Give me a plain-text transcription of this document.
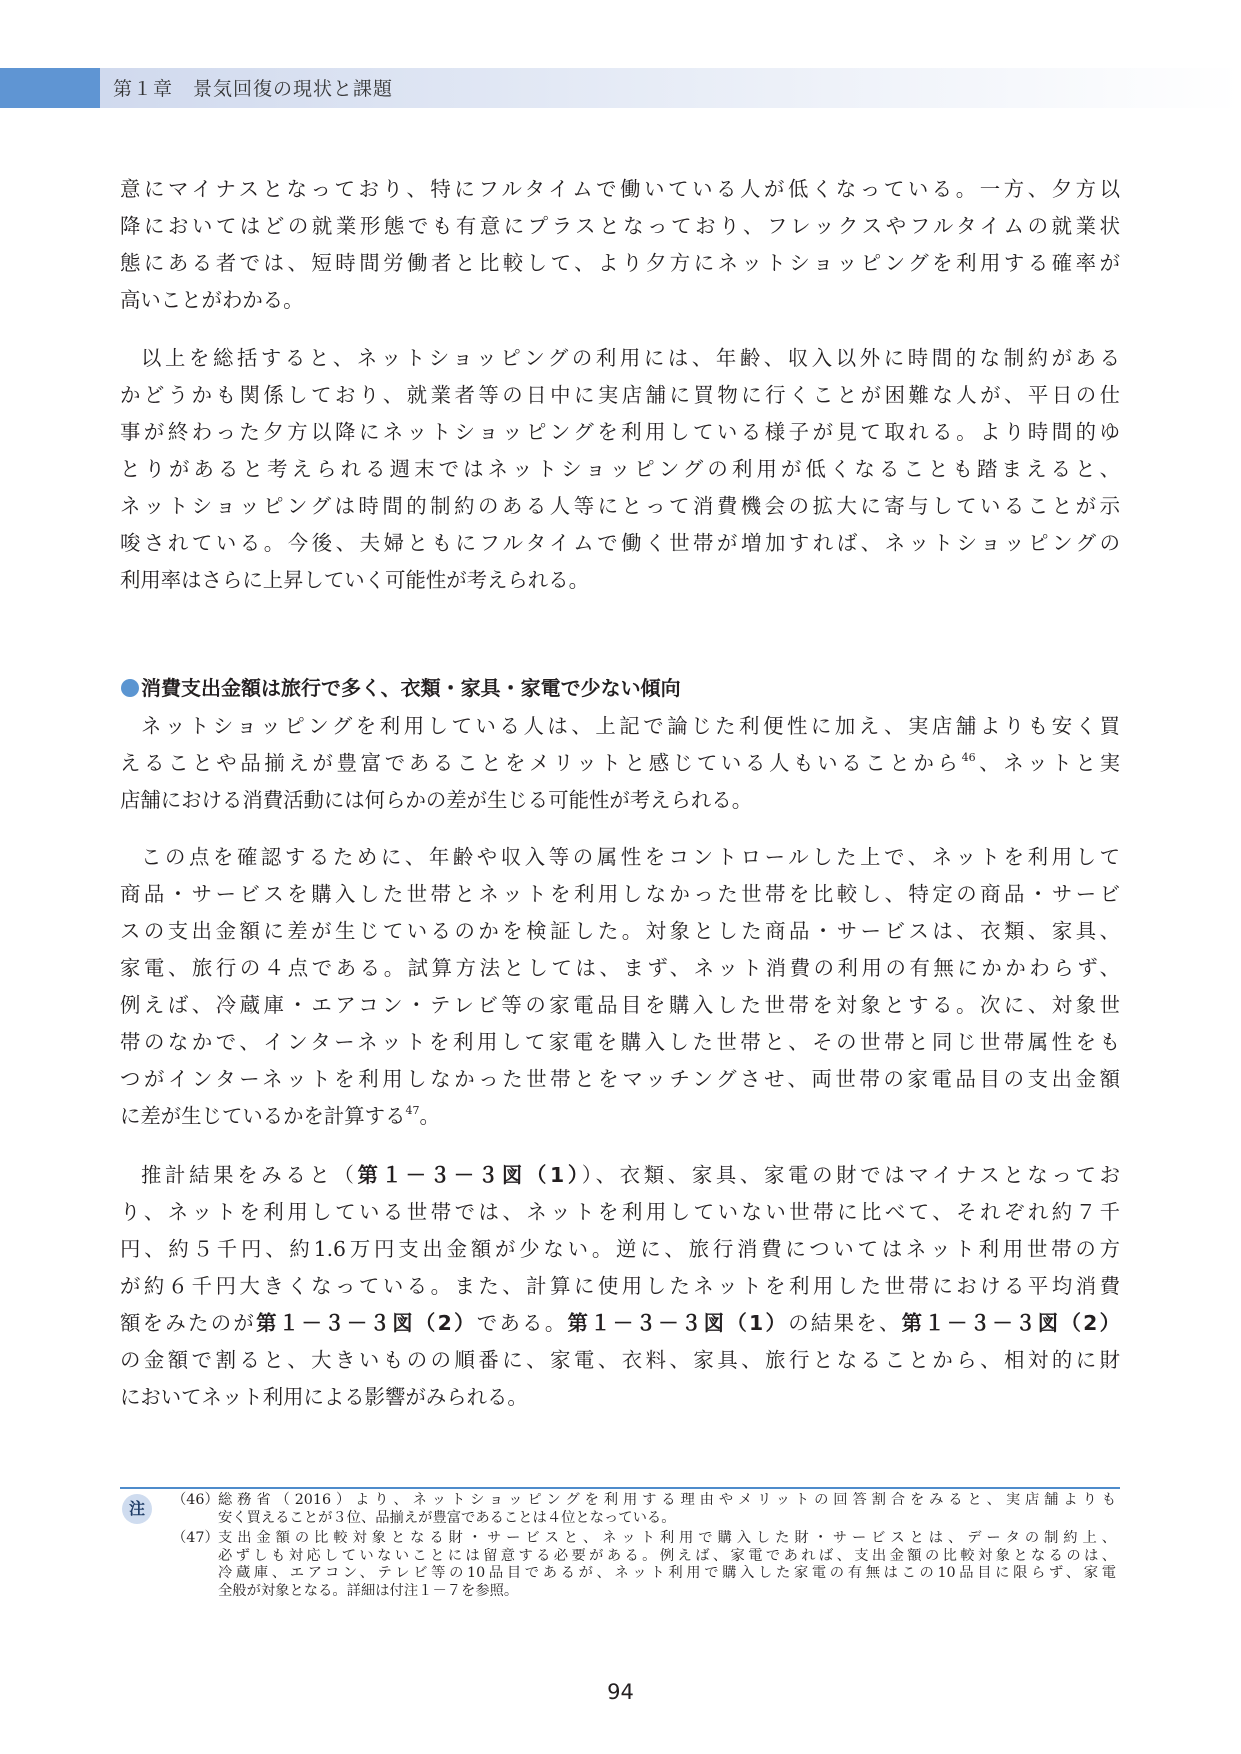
第１章　景気回復の現状と課題

意にマイナスとなっており、特にフルタイムで働いている人が低くなっている。一方、夕方以

降においてはどの就業形態でも有意にプラスとなっており、フレックスやフルタイムの就業状

態にある者では、短時間労働者と比較して、より夕方にネットショッピングを利用する確率が

高いことがわかる。

以上を総括すると、ネットショッピングの利用には、年齢、収入以外に時間的な制約がある

かどうかも関係しており、就業者等の日中に実店舗に買物に行くことが困難な人が、平日の仕

事が終わった夕方以降にネットショッピングを利用している様子が見て取れる。より時間的ゆ

とりがあると考えられる週末ではネットショッピングの利用が低くなることも踏まえると、

ネットショッピングは時間的制約のある人等にとって消費機会の拡大に寄与していることが示

唆されている。今後、夫婦ともにフルタイムで働く世帯が増加すれば、ネットショッピングの

利用率はさらに上昇していく可能性が考えられる。

消費支出金額は旅行で多く、衣類・家具・家電で少ない傾向

ネットショッピングを利用している人は、上記で論じた利便性に加え、実店舗よりも安く買

えることや品揃えが豊富であることをメリットと感じている人もいることから$^{46}$、ネットと実

店舗における消費活動には何らかの差が生じる可能性が考えられる。

この点を確認するために、年齢や収入等の属性をコントロールした上で、ネットを利用して

商品・サービスを購入した世帯とネットを利用しなかった世帯を比較し、特定の商品・サービ

スの支出金額に差が生じているのかを検証した。対象とした商品・サービスは、衣類、家具、

家電、旅行の４点である。試算方法としては、まず、ネット消費の利用の有無にかかわらず、

例えば、冷蔵庫・エアコン・テレビ等の家電品目を購入した世帯を対象とする。次に、対象世

帯のなかで、インターネットを利用して家電を購入した世帯と、その世帯と同じ世帯属性をも

つがインターネットを利用しなかった世帯とをマッチングさせ、両世帯の家電品目の支出金額

に差が生じているかを計算する$^{47}$。

推計結果をみると（第１－３－３図（1））、衣類、家具、家電の財ではマイナスとなってお

り、ネットを利用している世帯では、ネットを利用していない世帯に比べて、それぞれ約７千

円、約５千円、約1.6万円支出金額が少ない。逆に、旅行消費についてはネット利用世帯の方

が約６千円大きくなっている。また、計算に使用したネットを利用した世帯における平均消費

額をみたのが第１－３－３図（2）である。第１－３－３図（1）の結果を、第１－３－３図（2）

の金額で割ると、大きいものの順番に、家電、衣料、家具、旅行となることから、相対的に財

においてネット利用による影響がみられる。

注	（46） 総務省（2016）より、ネットショッピングを利用する理由やメリットの回答割合をみると、実店舗よりも

安く買えることが３位、品揃えが豊富であることは４位となっている。

（47） 支出金額の比較対象となる財・サービスと、ネット利用で購入した財・サービスとは、データの制約上、

必ずしも対応していないことには留意する必要がある。例えば、家電であれば、支出金額の比較対象となるのは、

冷蔵庫、エアコン、テレビ等の10品目であるが、ネット利用で購入した家電の有無はこの10品目に限らず、家電

全般が対象となる。詳細は付注１－７を参照。

94
